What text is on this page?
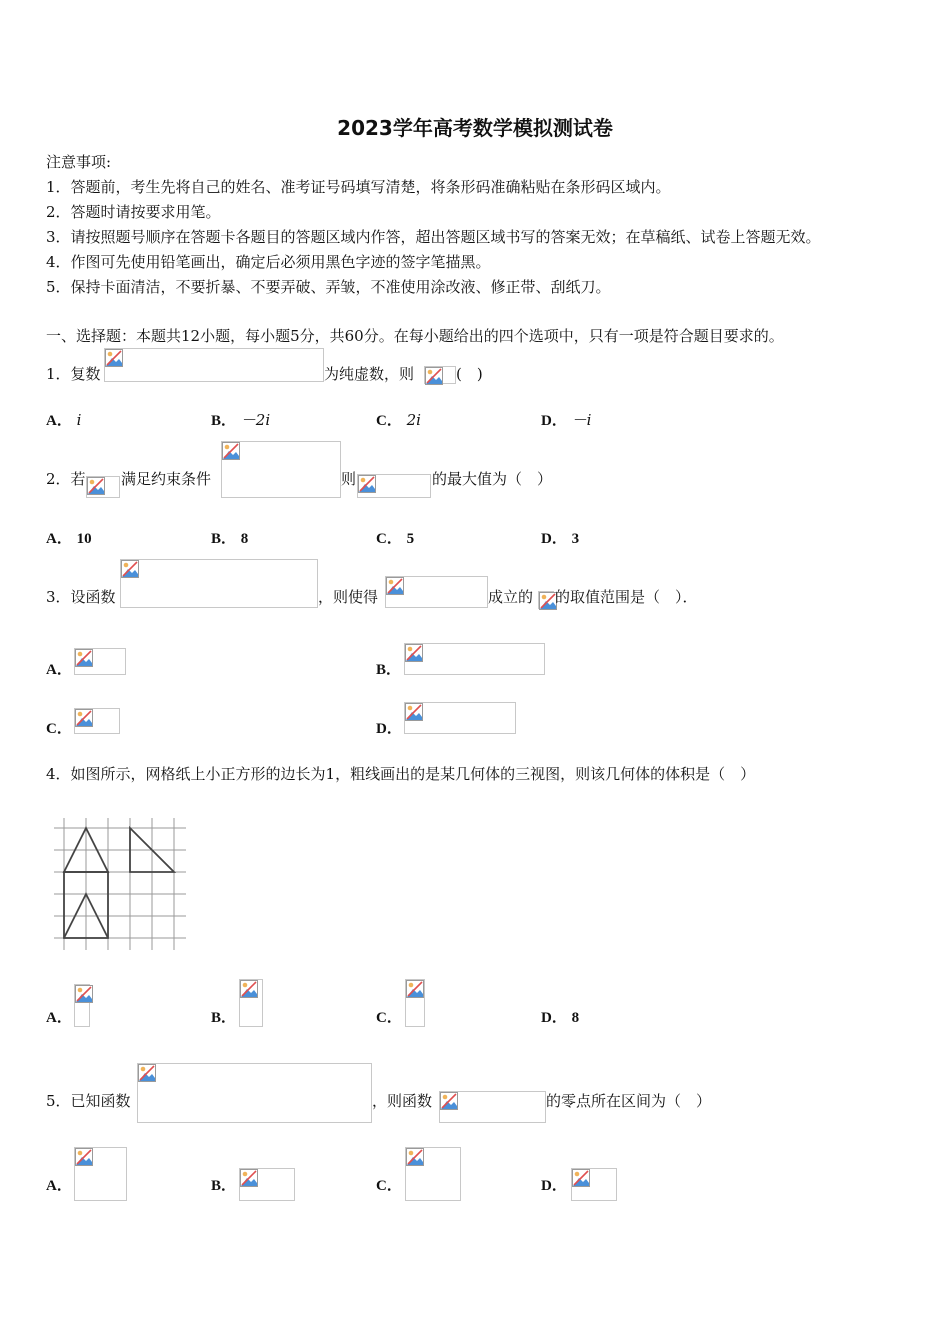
2023学年高考数学模拟测试卷
注意事项:
1．答题前，考生先将自己的姓名、准考证号码填写清楚，将条形码准确粘贴在条形码区域内。
2．答题时请按要求用笔。
3．请按照题号顺序在答题卡各题目的答题区域内作答，超出答题区域书写的答案无效；在草稿纸、试卷上答题无效。
4．作图可先使用铅笔画出，确定后必须用黑色字迹的签字笔描黑。
5．保持卡面清洁，不要折暴、不要弄破、弄皱，不准使用涂改液、修正带、刮纸刀。
一、选择题：本题共12小题，每小题5分，共60分。在每小题给出的四个选项中，只有一项是符合题目要求的。
1．复数	为纯虚数，则	(　)
A． i	B． －2i	C． 2i	D． －i
2．若 满足约束条件	则	的最大值为（　）
A． 10	B． 8	C． 5	D． 3
3．设函数	，则使得	成立的 的取值范围是（　）．
A．	B．
C．	D．
4．如图所示，网格纸上小正方形的边长为1，粗线画出的是某几何体的三视图，则该几何体的体积是（　）
A．	B．	C．	D． 8
5．已知函数	，则函数	的零点所在区间为（　）
A．	B．	C．	D．
